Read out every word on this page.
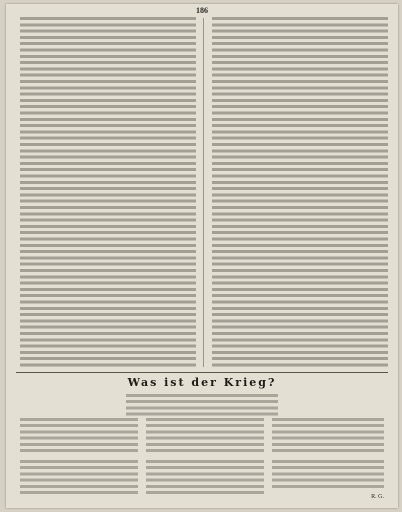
186
Was ist der Krieg?
R. G.
